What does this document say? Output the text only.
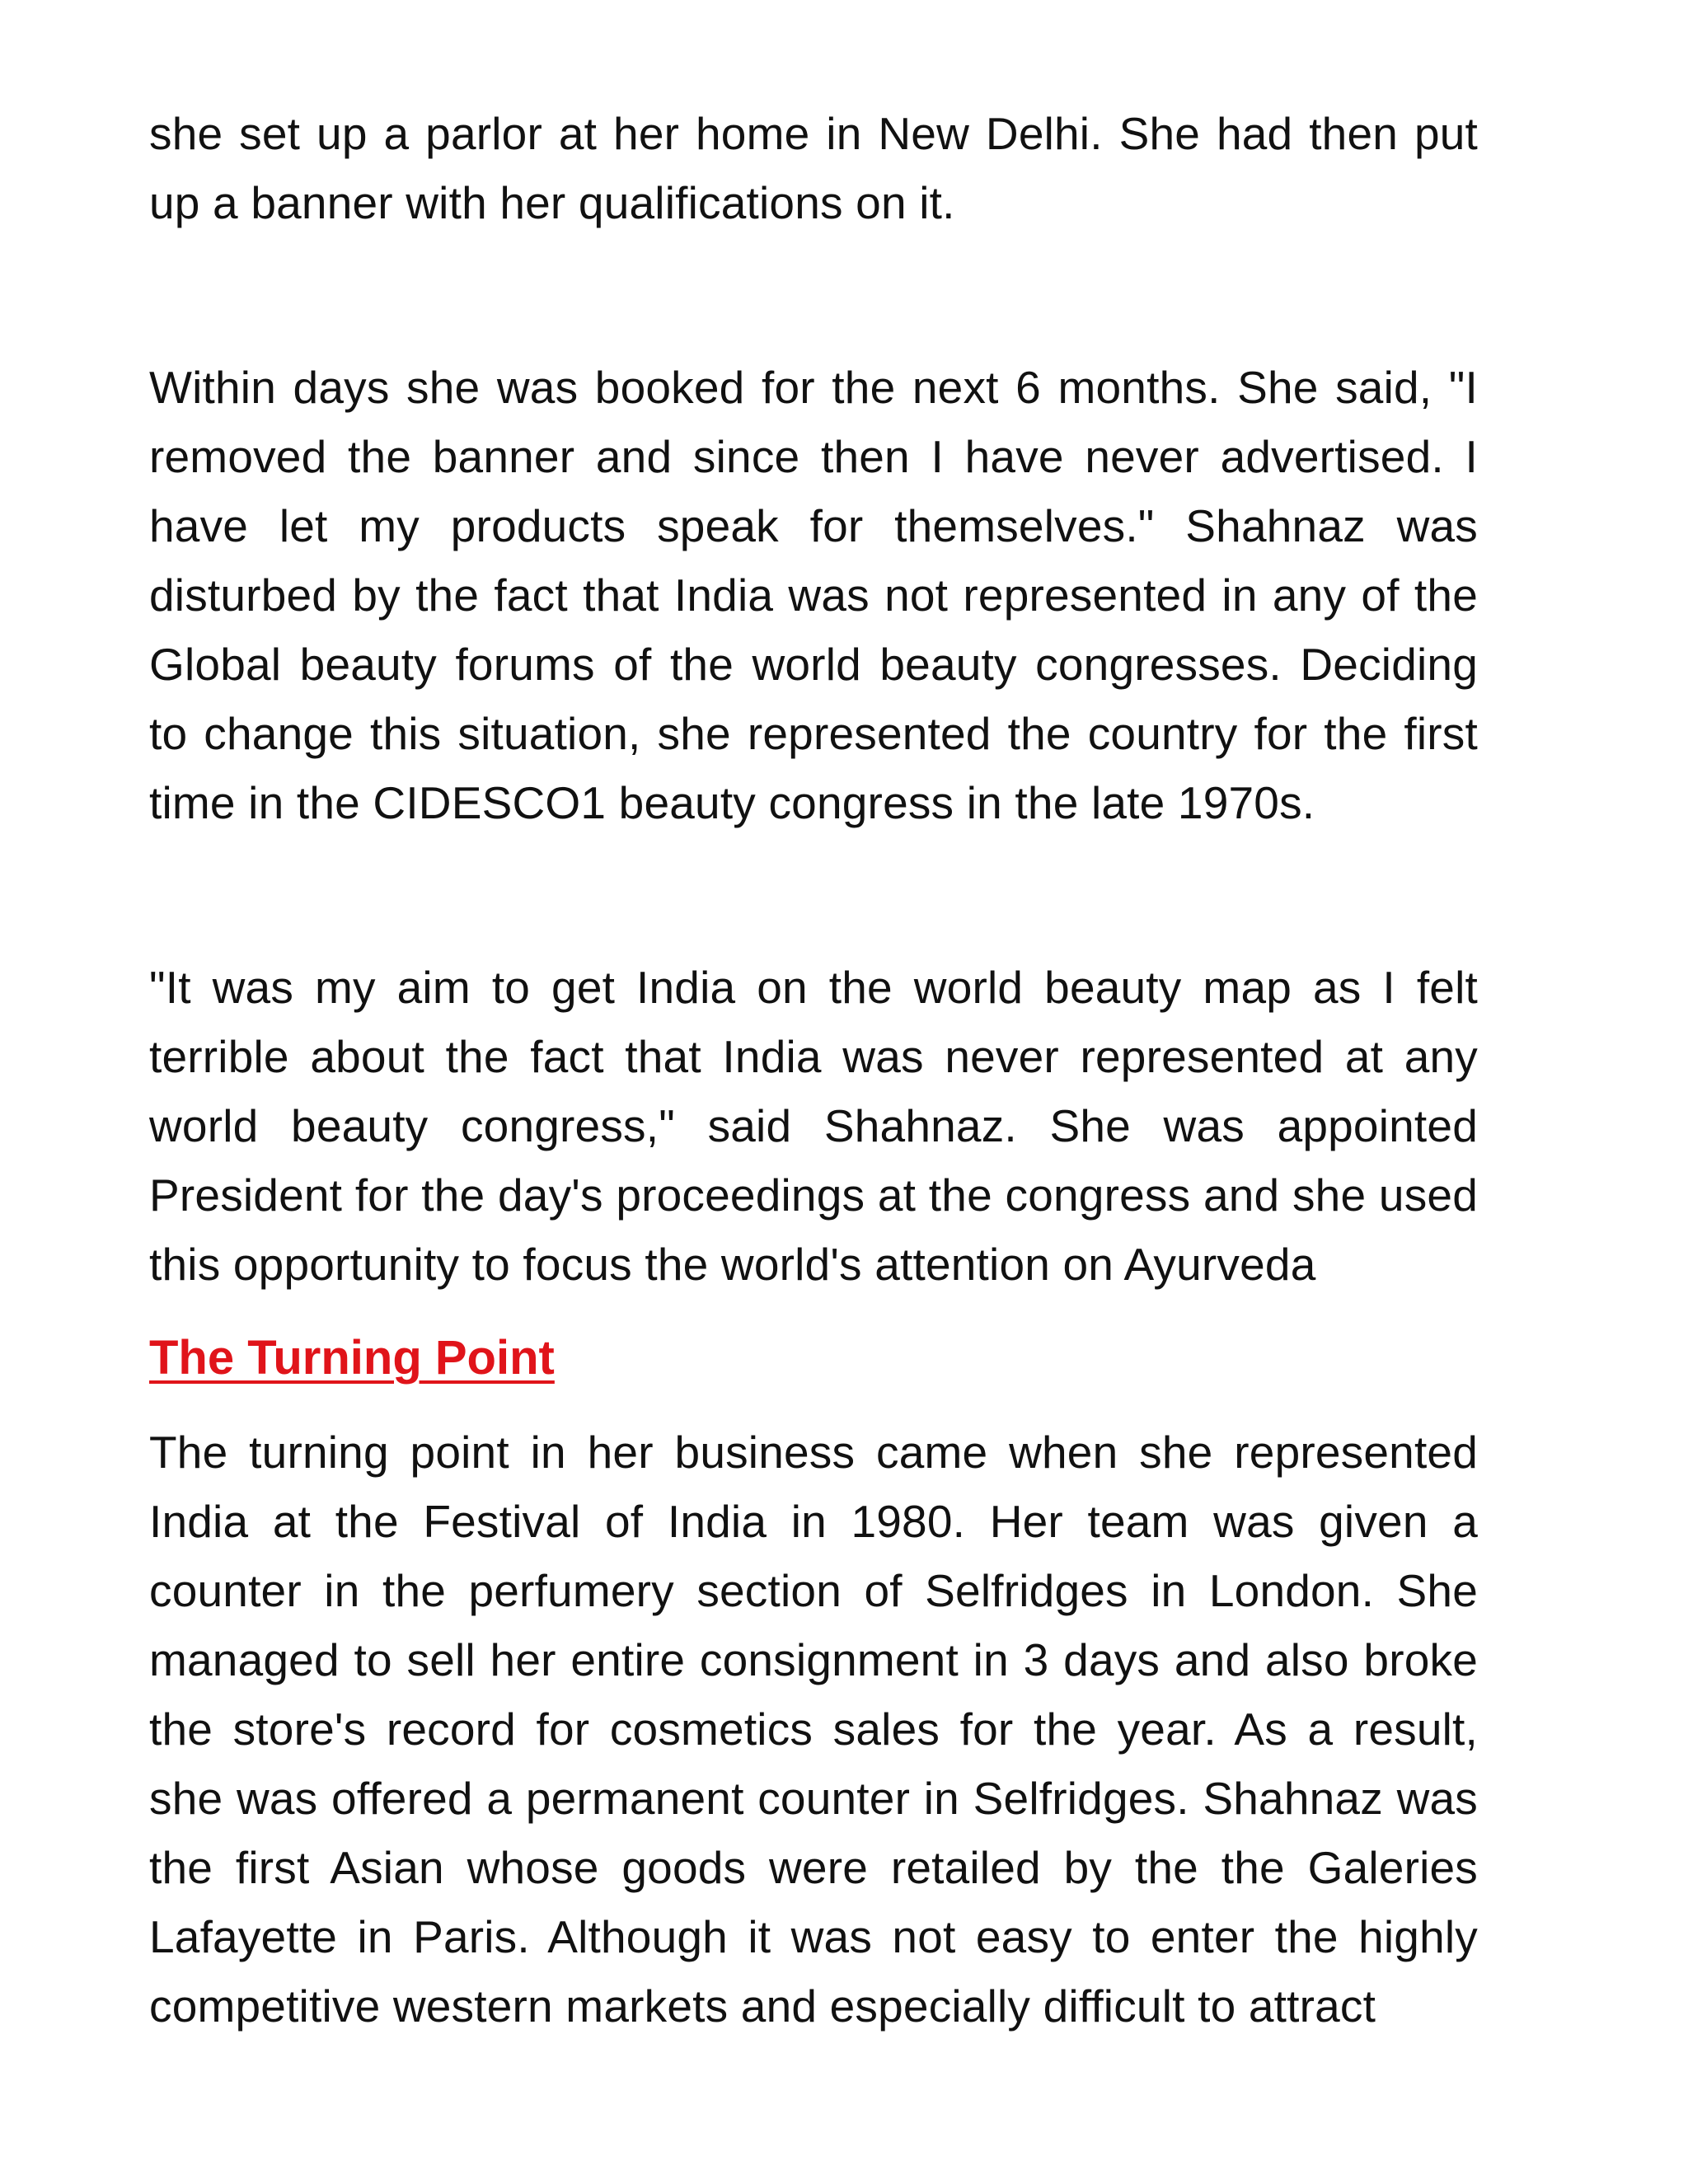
she set up a parlor at her home in New Delhi. She had then put up a banner with her qualifications on it.

Within days she was booked for the next 6 months. She said, "I removed the banner and since then I have never advertised. I have let my products speak for themselves." Shahnaz was disturbed by the fact that India was not represented in any of the Global beauty forums of the world beauty congresses. Deciding to change this situation, she represented the country for the first time in the CIDESCO1 beauty congress in the late 1970s.

"It was my aim to get India on the world beauty map as I felt terrible about the fact that India was never represented at any world beauty congress," said Shahnaz. She was appointed President for the day's proceedings at the congress and she used this opportunity to focus the world's attention on Ayurveda

The Turning Point

The turning point in her business came when she represented India at the Festival of India in 1980. Her team was given a counter in the perfumery section of Selfridges in London. She managed to sell her entire consignment in 3 days and also broke the store's record for cosmetics sales for the year. As a result, she was offered a permanent counter in Selfridges. Shahnaz was the first Asian whose goods were retailed by the the Galeries Lafayette in Paris. Although it was not easy to enter the highly competitive western markets and especially difficult to attract
